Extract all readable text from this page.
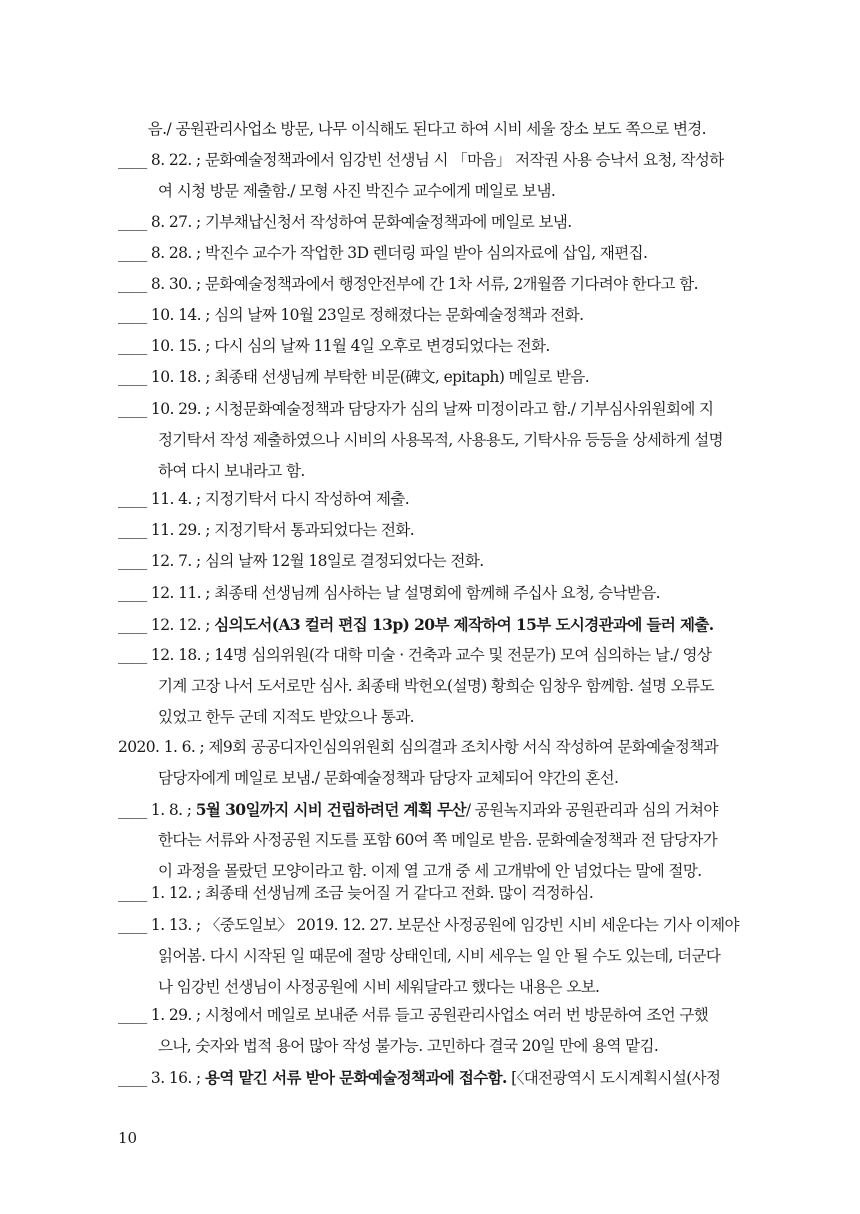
　　음./ 공원관리사업소 방문, 나무 이식해도 된다고 하여 시비 세울 장소 보도 쪽으로 변경.
____ 8. 22. ; 문화예술정책과에서 임강빈 선생님 시 「마음」 저작권 사용 승낙서 요청, 작성하
여 시청 방문 제출함./ 모형 사진 박진수 교수에게 메일로 보냄.
____ 8. 27. ; 기부채납신청서 작성하여 문화예술정책과에 메일로 보냄.
____ 8. 28. ; 박진수 교수가 작업한 3D 렌더링 파일 받아 심의자료에 삽입, 재편집.
____ 8. 30. ; 문화예술정책과에서 행정안전부에 간 1차 서류, 2개월쯤 기다려야 한다고 함.
____ 10. 14. ; 심의 날짜 10월 23일로 정해졌다는 문화예술정책과 전화.
____ 10. 15. ; 다시 심의 날짜 11월 4일 오후로 변경되었다는 전화.
____ 10. 18. ; 최종태 선생님께 부탁한 비문(碑文, epitaph) 메일로 받음.
____ 10. 29. ; 시청문화예술정책과 담당자가 심의 날짜 미정이라고 함./ 기부심사위원회에 지
정기탁서 작성 제출하였으나 시비의 사용목적, 사용용도, 기탁사유 등등을 상세하게 설명
하여 다시 보내라고 함.
____ 11. 4. ; 지정기탁서 다시 작성하여 제출.
____ 11. 29. ; 지정기탁서 통과되었다는 전화.
____ 12. 7. ; 심의 날짜 12월 18일로 결정되었다는 전화.
____ 12. 11. ; 최종태 선생님께 심사하는 날 설명회에 함께해 주십사 요청, 승낙받음.
____ 12. 12. ; 심의도서(A3 컬러 편집 13p) 20부 제작하여 15부 도시경관과에 들러 제출.
____ 12. 18. ; 14명 심의위원(각 대학 미술 · 건축과 교수 및 전문가) 모여 심의하는 날./ 영상
기계 고장 나서 도서로만 심사. 최종태 박헌오(설명) 황희순 임창우 함께함. 설명 오류도
있었고 한두 군데 지적도 받았으나 통과.
2020. 1. 6. ; 제9회 공공디자인심의위원회 심의결과 조치사항 서식 작성하여 문화예술정책과
담당자에게 메일로 보냄./ 문화예술정책과 담당자 교체되어 약간의 혼선.
____ 1. 8. ; 5월 30일까지 시비 건립하려던 계획 무산/ 공원녹지과와 공원관리과 심의 거쳐야
한다는 서류와 사정공원 지도를 포함 60여 쪽 메일로 받음. 문화예술정책과 전 담당자가
이 과정을 몰랐던 모양이라고 함. 이제 열 고개 중 세 고개밖에 안 넘었다는 말에 절망.
____ 1. 12. ; 최종태 선생님께 조금 늦어질 거 같다고 전화. 많이 걱정하심.
____ 1. 13. ; 〈중도일보〉 2019. 12. 27. 보문산 사정공원에 임강빈 시비 세운다는 기사 이제야
읽어봄. 다시 시작된 일 때문에 절망 상태인데, 시비 세우는 일 안 될 수도 있는데, 더군다
나 임강빈 선생님이 사정공원에 시비 세워달라고 했다는 내용은 오보.
____ 1. 29. ; 시청에서 메일로 보내준 서류 들고 공원관리사업소 여러 번 방문하여 조언 구했
으나, 숫자와 법적 용어 많아 작성 불가능. 고민하다 결국 20일 만에 용역 맡김.
____ 3. 16. ; 용역 맡긴 서류 받아 문화예술정책과에 접수함. [〈대전광역시 도시계획시설(사정
10
